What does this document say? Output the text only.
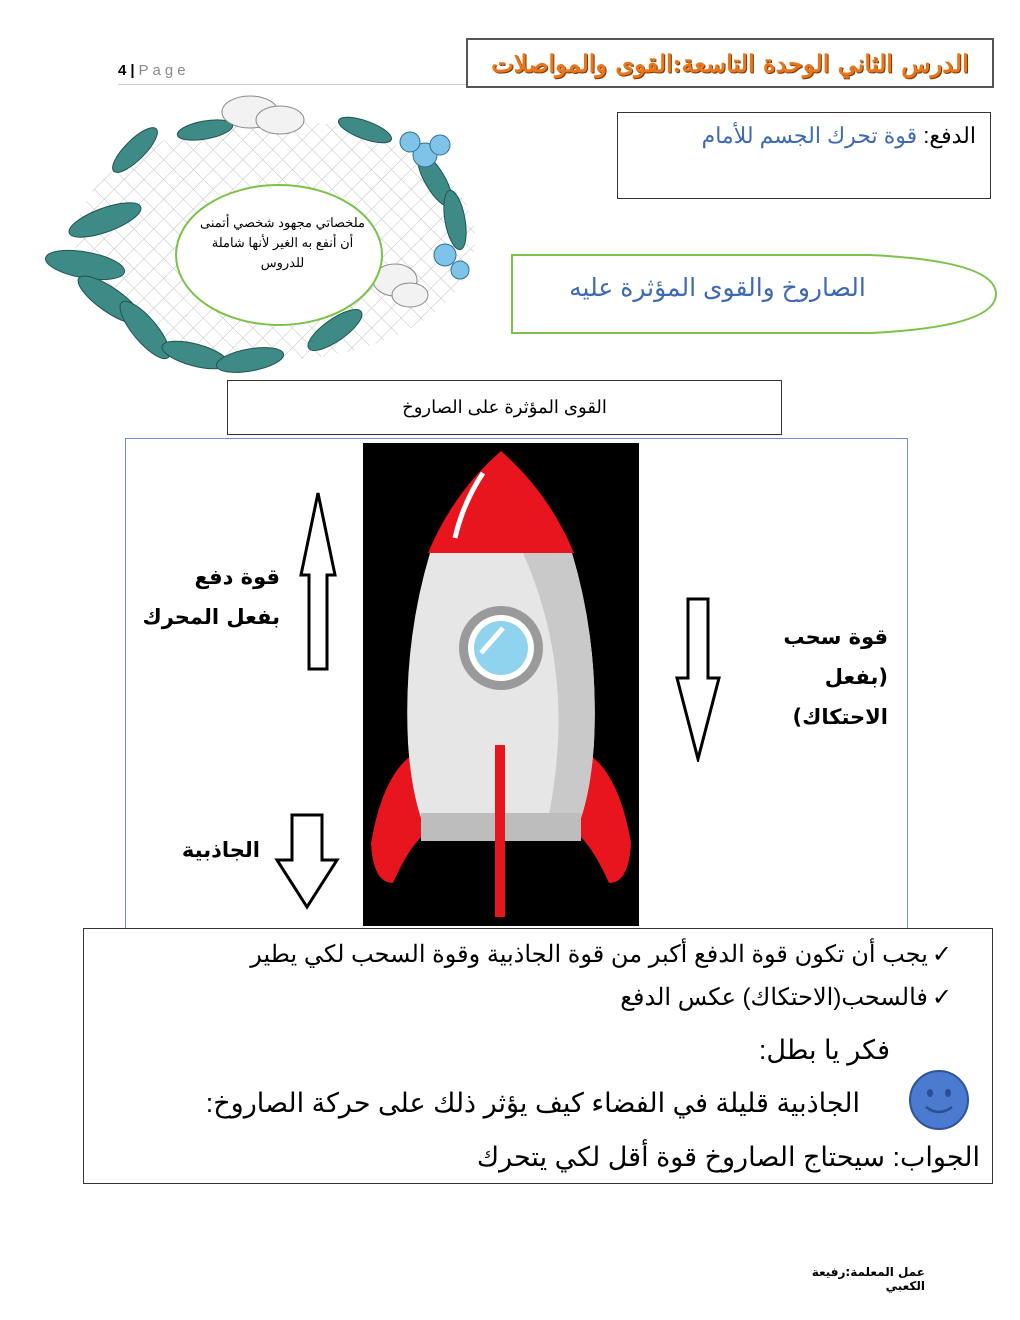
4 | Page	الدرس الثاني الوحدة التاسعة:القوى والمواصلات
الدفع: قوة تحرك الجسم للأمام
ملخصاتي مجهود شخصي أتمنى أن أنفع به الغير لأنها شاملة للدروس
الصاروخ والقوى المؤثرة عليه
القوى المؤثرة على الصاروخ
قوة دفع
بفعل المحرك
قوة سحب
(بفعل الاحتكاك)
الجاذبية
✓يجب أن تكون قوة الدفع أكبر من قوة الجاذبية وقوة السحب لكي يطير
✓فالسحب(الاحتكاك) عكس الدفع
فكر يا بطل:
الجاذبية قليلة في الفضاء كيف يؤثر ذلك على حركة الصاروخ:
الجواب: سيحتاج الصاروخ قوة أقل لكي يتحرك
عمل المعلمة:رفيعة الكعبي
